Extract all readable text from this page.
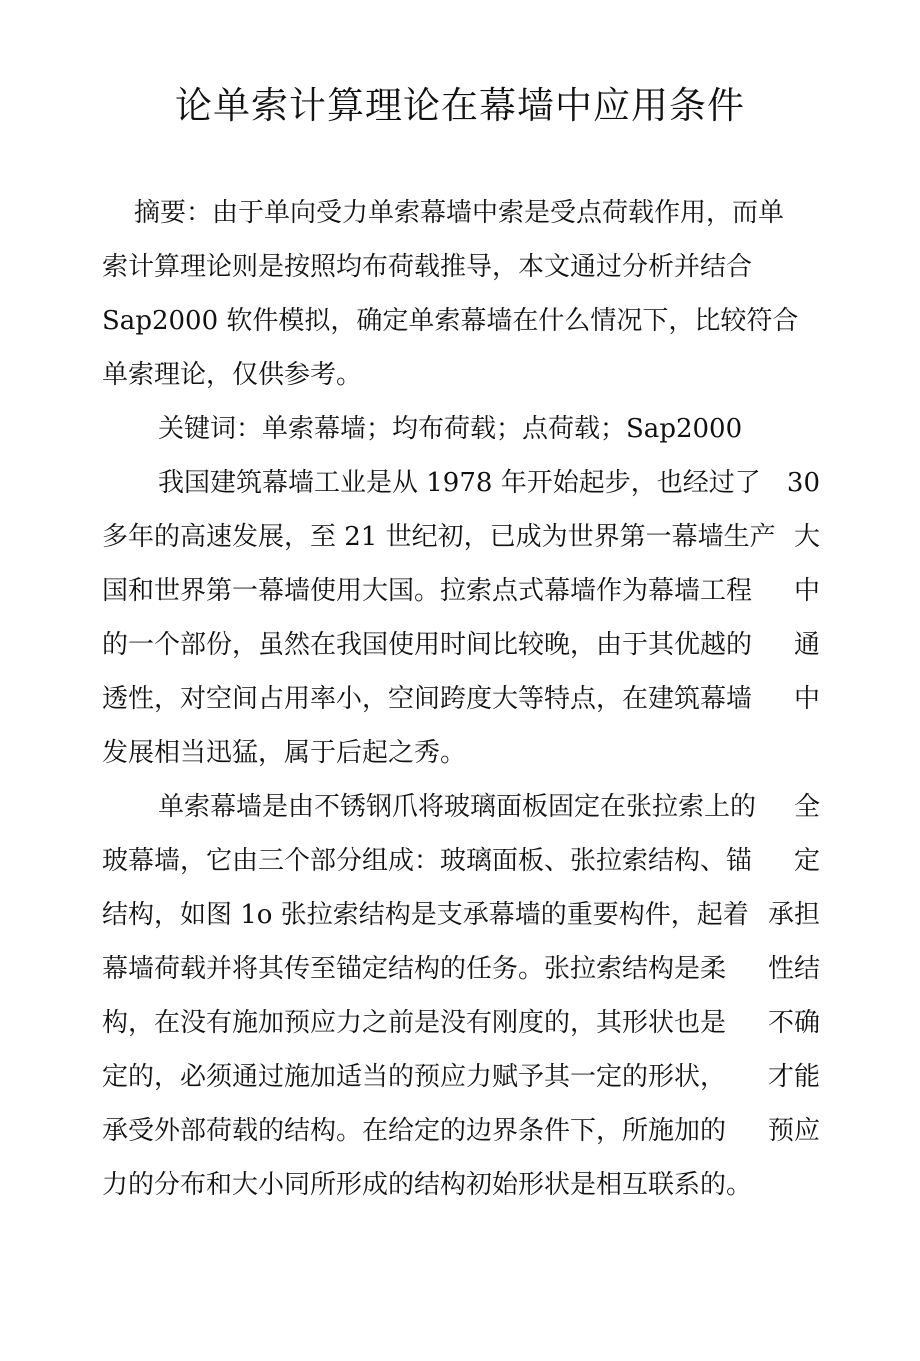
论单索计算理论在幕墙中应用条件
摘要：由于单向受力单索幕墙中索是受点荷载作用，而单
索计算理论则是按照均布荷载推导，本文通过分析并结合
Sap2000 软件模拟，确定单索幕墙在什么情况下，比较符合
单索理论，仅供参考。
关键词：单索幕墙；均布荷载；点荷载；Sap2000
我国建筑幕墙工业是从 1978 年开始起步，也经过了	30
多年的高速发展，至 21 世纪初，已成为世界第一幕墙生产 大
国和世界第一幕墙使用大国。拉索点式幕墙作为幕墙工程	中
的一个部份，虽然在我国使用时间比较晚，由于其优越的	通
透性，对空间占用率小，空间跨度大等特点，在建筑幕墙	中
发展相当迅猛，属于后起之秀。
单索幕墙是由不锈钢爪将玻璃面板固定在张拉索上的	全
玻幕墙，它由三个部分组成：玻璃面板、张拉索结构、锚	定
结构，如图 1o 张拉索结构是支承幕墙的重要构件，起着 承担
幕墙荷载并将其传至锚定结构的任务。张拉索结构是柔	性结
构，在没有施加预应力之前是没有刚度的，其形状也是	不确
定的，必须通过施加适当的预应力赋予其一定的形状，	才能
承受外部荷载的结构。在给定的边界条件下，所施加的	预应
力的分布和大小同所形成的结构初始形状是相互联系 的。
